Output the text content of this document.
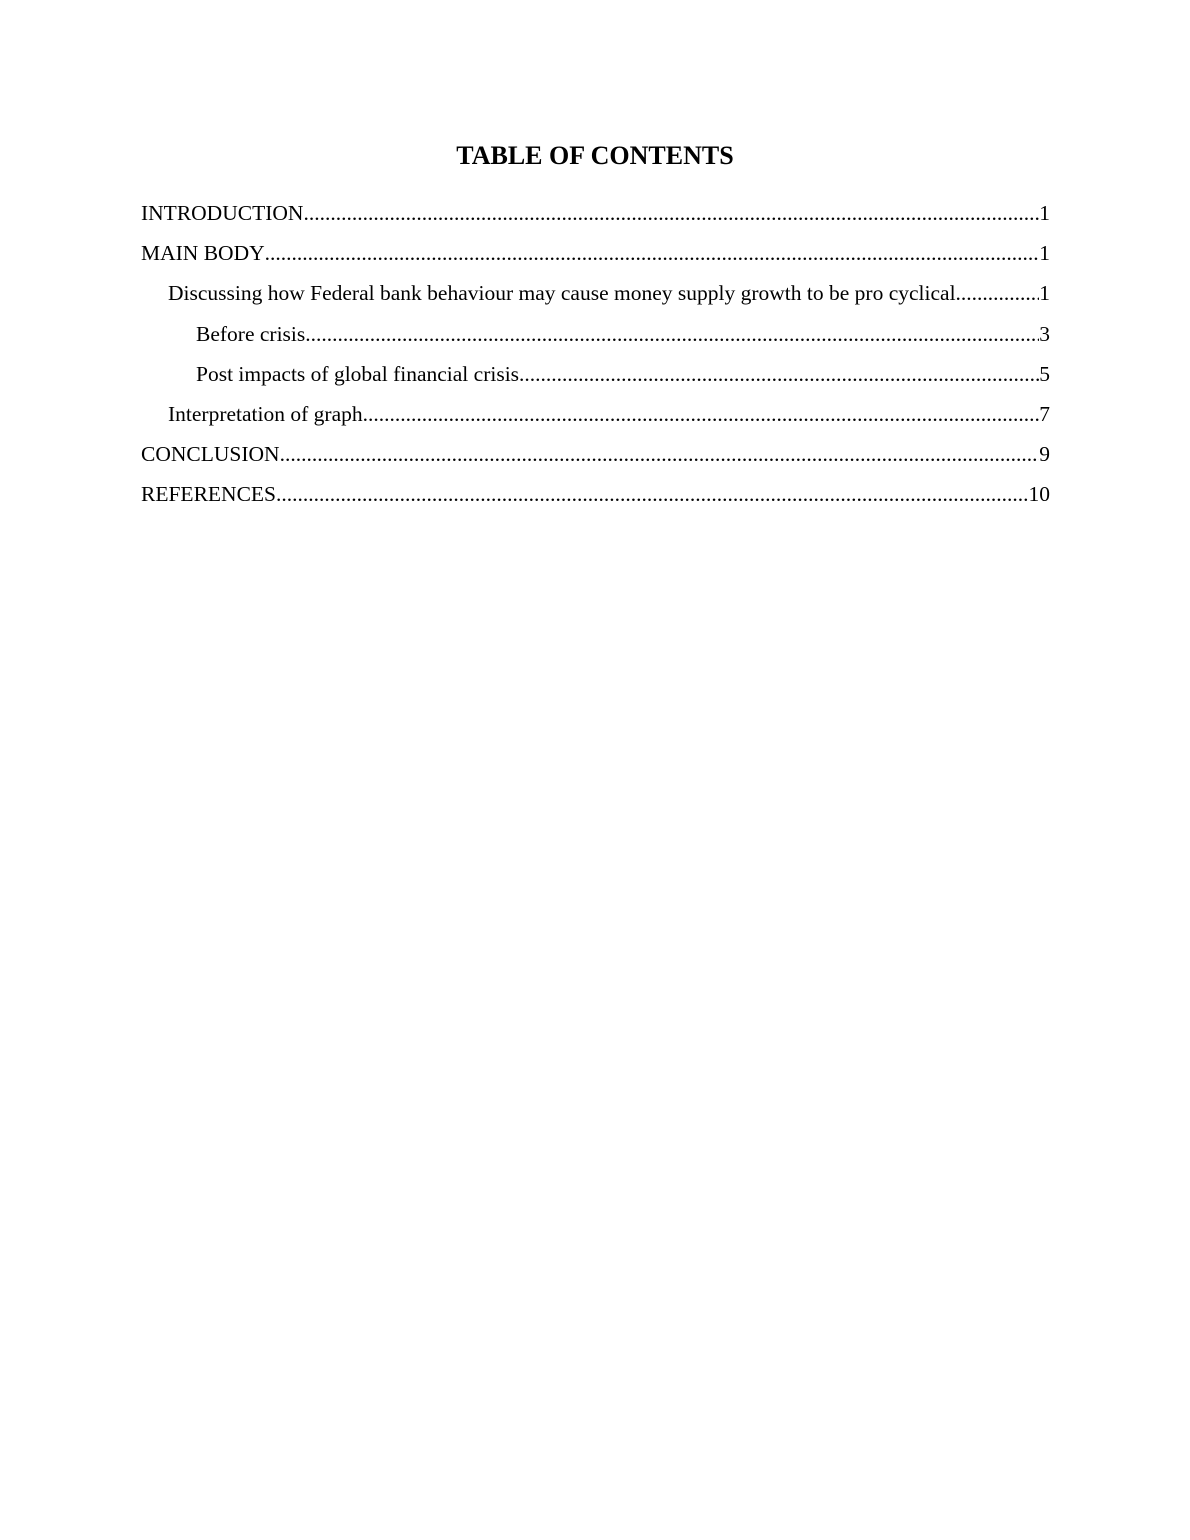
TABLE OF CONTENTS
INTRODUCTION .....	1
MAIN BODY .....	1
Discussing how Federal bank behaviour may cause money supply growth to be pro cyclical .....	1
Before crisis .....	3
Post impacts of global financial crisis .....	5
Interpretation of graph .....	7
CONCLUSION .....	9
REFERENCES .....	10
